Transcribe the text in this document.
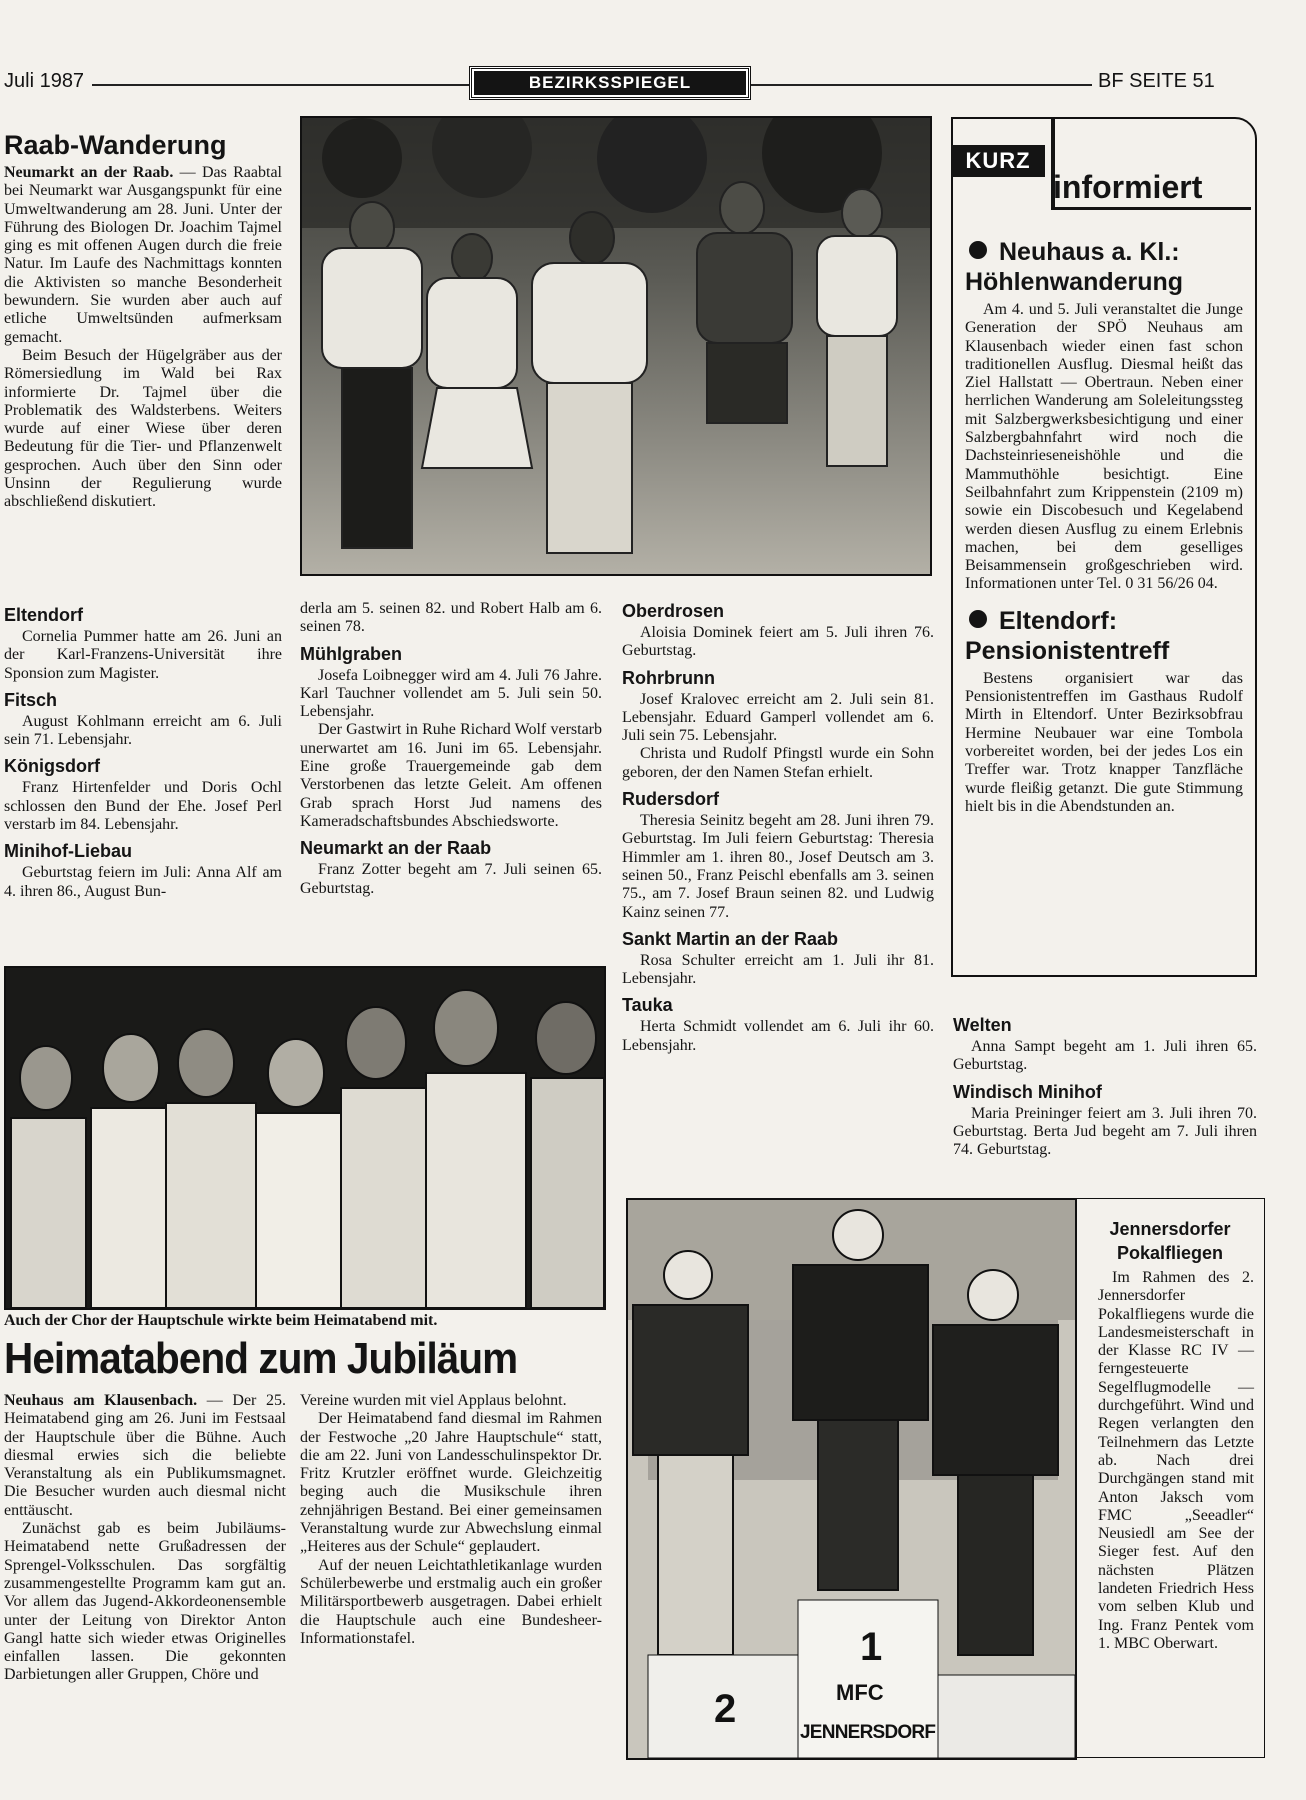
Juli 1987	BEZIRKSSPIEGEL	BF SEITE 51
Raab-Wanderung

Neumarkt an der Raab. — Das Raabtal bei Neumarkt war Ausgangspunkt für eine Umweltwanderung am 28. Juni. Unter der Führung des Biologen Dr. Joachim Tajmel ging es mit offenen Augen durch die freie Natur. Im Laufe des Nachmittags konnten die Aktivisten so manche Besonderheit bewundern. Sie wurden aber auch auf etliche Umweltsünden aufmerksam gemacht.

Beim Besuch der Hügelgräber aus der Römersiedlung im Wald bei Rax informierte Dr. Tajmel über die Problematik des Waldsterbens. Weiters wurde auf einer Wiese über deren Bedeutung für die Tier- und Pflanzenwelt gesprochen. Auch über den Sinn oder Unsinn der Regulierung wurde abschließend diskutiert.

Eltendorf

Cornelia Pummer hatte am 26. Juni an der Karl-Franzens-Universität ihre Sponsion zum Magister.

Fitsch

August Kohlmann erreicht am 6. Juli sein 71. Lebensjahr.

Königsdorf

Franz Hirtenfelder und Doris Ochl schlossen den Bund der Ehe. Josef Perl verstarb im 84. Lebensjahr.

Minihof-Liebau

Geburtstag feiern im Juli: Anna Alf am 4. ihren 86., August Bun-

derla am 5. seinen 82. und Robert Halb am 6. seinen 78.

Mühlgraben

Josefa Loibnegger wird am 4. Juli 76 Jahre. Karl Tauchner vollendet am 5. Juli sein 50. Lebensjahr.

Der Gastwirt in Ruhe Richard Wolf verstarb unerwartet am 16. Juni im 65. Lebensjahr. Eine große Trauergemeinde gab dem Verstorbenen das letzte Geleit. Am offenen Grab sprach Horst Jud namens des Kameradschaftsbundes Abschiedsworte.

Neumarkt an der Raab

Franz Zotter begeht am 7. Juli seinen 65. Geburtstag.

Oberdrosen

Aloisia Dominek feiert am 5. Juli ihren 76. Geburtstag.

Rohrbrunn

Josef Kralovec erreicht am 2. Juli sein 81. Lebensjahr. Eduard Gamperl vollendet am 6. Juli sein 75. Lebensjahr.

Christa und Rudolf Pfingstl wurde ein Sohn geboren, der den Namen Stefan erhielt.

Rudersdorf

Theresia Seinitz begeht am 28. Juni ihren 79. Geburtstag. Im Juli feiern Geburtstag: Theresia Himmler am 1. ihren 80., Josef Deutsch am 3. seinen 50., Franz Peischl ebenfalls am 3. seinen 75., am 7. Josef Braun seinen 82. und Ludwig Kainz seinen 77.

Sankt Martin an der Raab

Rosa Schulter erreicht am 1. Juli ihr 81. Lebensjahr.

Tauka

Herta Schmidt vollendet am 6. Juli ihr 60. Lebensjahr.

KURZ
informiert
Neuhaus a. Kl.: Höhlenwanderung

Am 4. und 5. Juli veranstaltet die Junge Generation der SPÖ Neuhaus am Klausenbach wieder einen fast schon traditionellen Ausflug. Diesmal heißt das Ziel Hallstatt — Obertraun. Neben einer herrlichen Wanderung am Soleleitungssteg mit Salzbergwerksbesichtigung und einer Salzbergbahnfahrt wird noch die Dachsteinrieseneishöhle und die Mammuthöhle besichtigt. Eine Seilbahnfahrt zum Krippenstein (2109 m) sowie ein Discobesuch und Kegelabend werden diesen Ausflug zu einem Erlebnis machen, bei dem geselliges Beisammensein großgeschrieben wird. Informationen unter Tel. 0 31 56/26 04.

Eltendorf: Pensionistentreff

Bestens organisiert war das Pensionistentreffen im Gasthaus Rudolf Mirth in Eltendorf. Unter Bezirksobfrau Hermine Neubauer war eine Tombola vorbereitet worden, bei der jedes Los ein Treffer war. Trotz knapper Tanzfläche wurde fleißig getanzt. Die gute Stimmung hielt bis in die Abendstunden an.

Welten

Anna Sampt begeht am 1. Juli ihren 65. Geburtstag.

Windisch Minihof

Maria Preininger feiert am 3. Juli ihren 70. Geburtstag. Berta Jud begeht am 7. Juli ihren 74. Geburtstag.

Auch der Chor der Hauptschule wirkte beim Heimatabend mit.
Heimatabend zum Jubiläum

Neuhaus am Klausenbach. — Der 25. Heimatabend ging am 26. Juni im Festsaal der Hauptschule über die Bühne. Auch diesmal erwies sich die beliebte Veranstaltung als ein Publikumsmagnet. Die Besucher wurden auch diesmal nicht enttäuscht.

Zunächst gab es beim Jubiläums-Heimatabend nette Grußadressen der Sprengel-Volksschulen. Das sorgfältig zusammengestellte Programm kam gut an. Vor allem das Jugend-Akkordeonensemble unter der Leitung von Direktor Anton Gangl hatte sich wieder etwas Originelles einfallen lassen. Die gekonnten Darbietungen aller Gruppen, Chöre und

Vereine wurden mit viel Applaus belohnt.

Der Heimatabend fand diesmal im Rahmen der Festwoche „20 Jahre Hauptschule“ statt, die am 22. Juni von Landesschulinspektor Dr. Fritz Krutzler eröffnet wurde. Gleichzeitig beging auch die Musikschule ihren zehnjährigen Bestand. Bei einer gemeinsamen Veranstaltung wurde zur Abwechslung einmal „Heiteres aus der Schule“ geplaudert.

Auf der neuen Leichtathletikanlage wurden Schülerbewerbe und erstmalig auch ein großer Militärsportbewerb ausgetragen. Dabei erhielt die Hauptschule auch eine Bundesheer-Informationstafel.	1
MFC
JENNERSDORF
2
Jennersdorfer Pokalfliegen

Im Rahmen des 2. Jennersdorfer Pokalfliegens wurde die Landesmeisterschaft in der Klasse RC IV — ferngesteuerte Segelflugmodelle — durchgeführt. Wind und Regen verlangten den Teilnehmern das Letzte ab. Nach drei Durchgängen stand mit Anton Jaksch vom FMC „Seeadler“ Neusiedl am See der Sieger fest. Auf den nächsten Plätzen landeten Friedrich Hess vom selben Klub und Ing. Franz Pentek vom 1. MBC Oberwart.
